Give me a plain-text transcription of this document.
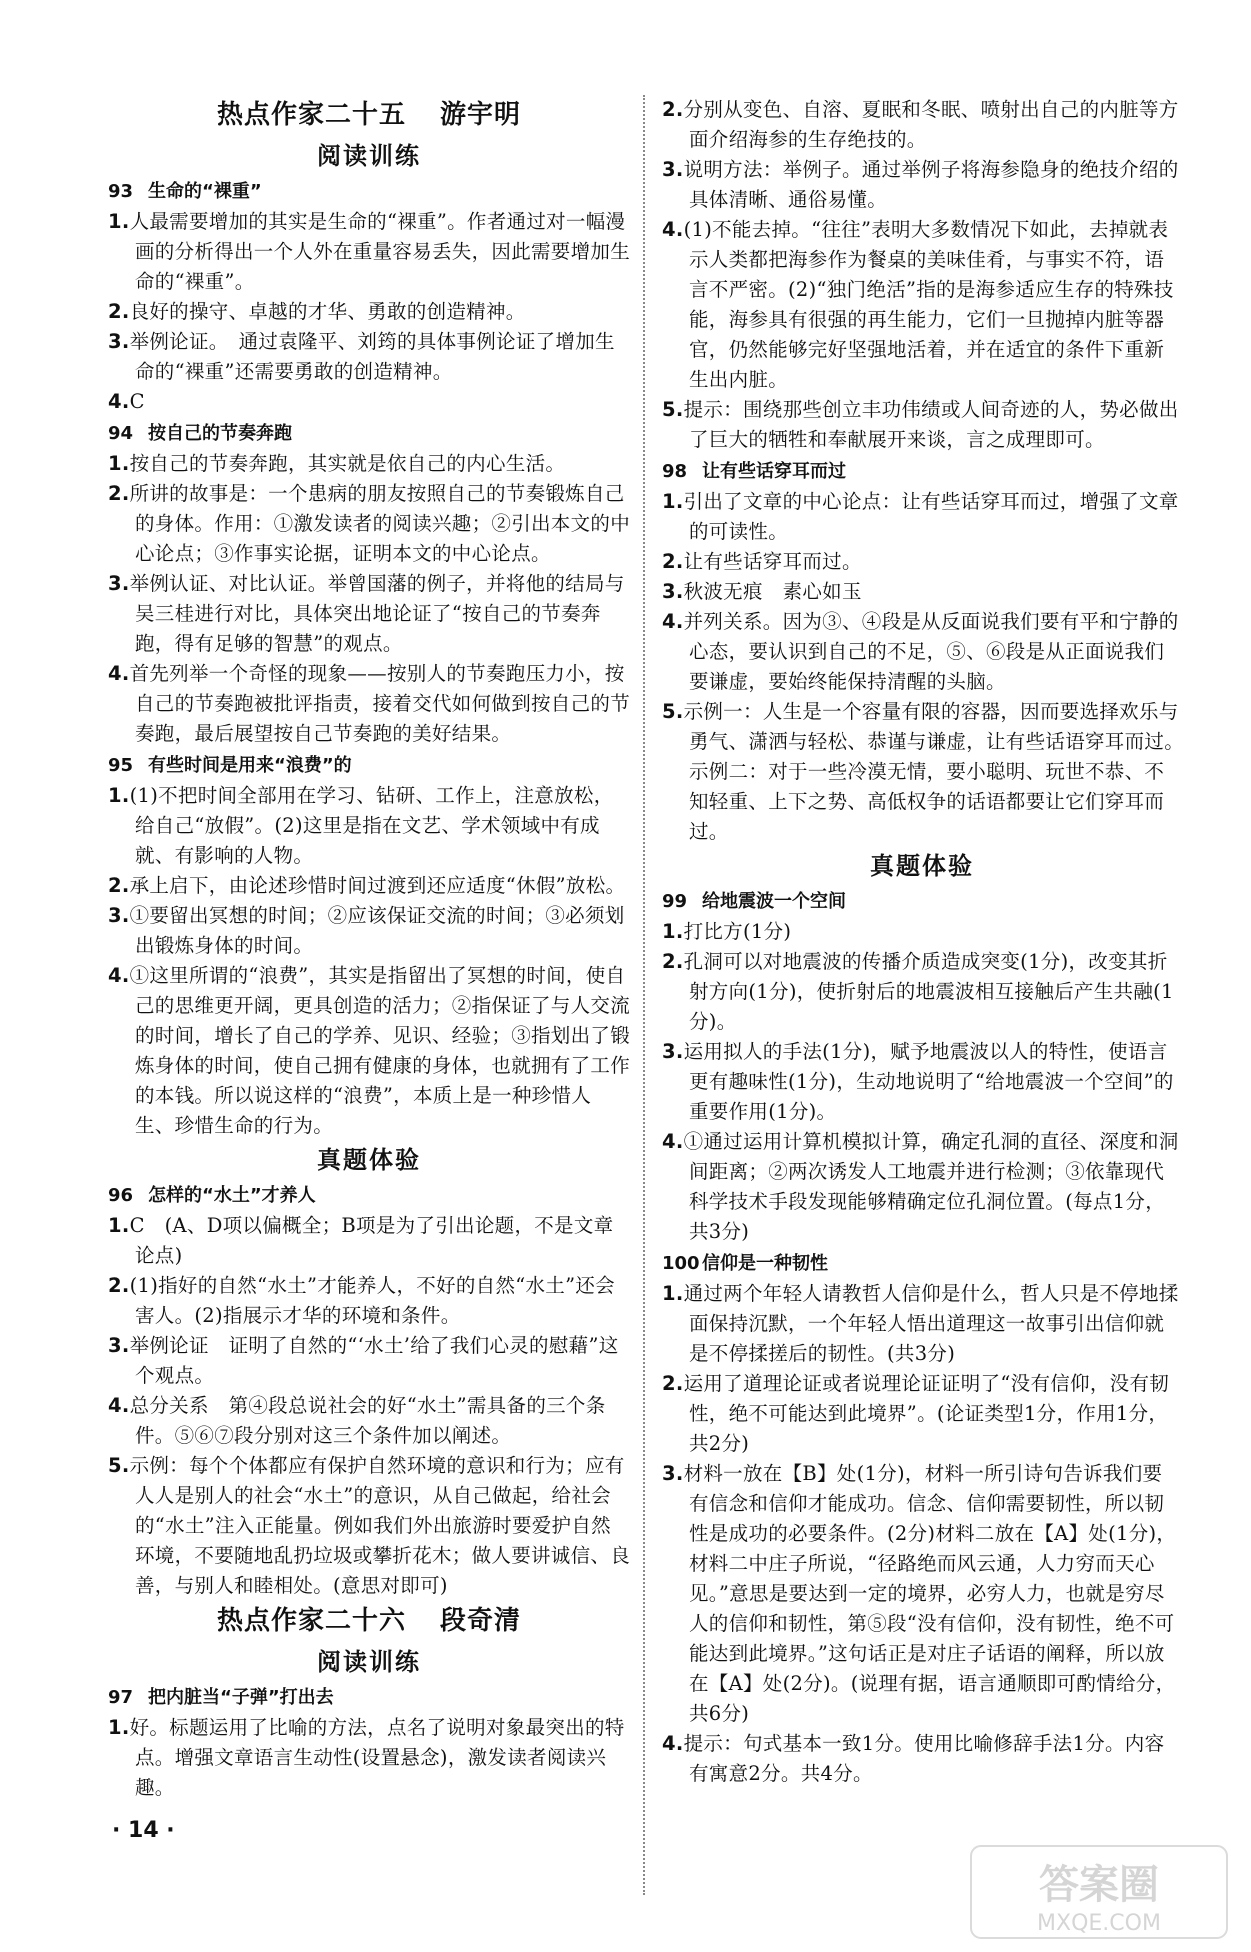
热点作家二十五 游宇明
阅读训练
93 生命的“裸重”

1.人最需要增加的其实是生命的“裸重”。作者通过对一幅漫画的分析得出一个人外在重量容易丢失，因此需要增加生命的“裸重”。

2.良好的操守、卓越的才华、勇敢的创造精神。

3.举例论证。　通过袁隆平、刘筠的具体事例论证了增加生命的“裸重”还需要勇敢的创造精神。

4.C

94 按自己的节奏奔跑

1.按自己的节奏奔跑，其实就是依自己的内心生活。

2.所讲的故事是：一个患病的朋友按照自己的节奏锻炼自己的身体。作用：①激发读者的阅读兴趣；②引出本文的中心论点；③作事实论据，证明本文的中心论点。

3.举例认证、对比认证。举曾国藩的例子，并将他的结局与吴三桂进行对比，具体突出地论证了“按自己的节奏奔跑，得有足够的智慧”的观点。

4.首先列举一个奇怪的现象——按别人的节奏跑压力小，按自己的节奏跑被批评指责，接着交代如何做到按自己的节奏跑，最后展望按自己节奏跑的美好结果。

95 有些时间是用来“浪费”的

1.(1)不把时间全部用在学习、钻研、工作上，注意放松，给自己“放假”。(2)这里是指在文艺、学术领域中有成就、有影响的人物。

2.承上启下，由论述珍惜时间过渡到还应适度“休假”放松。

3.①要留出冥想的时间；②应该保证交流的时间；③必须划出锻炼身体的时间。

4.①这里所谓的“浪费”，其实是指留出了冥想的时间，使自己的思维更开阔，更具创造的活力；②指保证了与人交流的时间，增长了自己的学养、见识、经验；③指划出了锻炼身体的时间，使自己拥有健康的身体，也就拥有了工作的本钱。所以说这样的“浪费”，本质上是一种珍惜人生、珍惜生命的行为。

真题体验
96 怎样的“水土”才养人

1.C　(A、D项以偏概全；B项是为了引出论题，不是文章论点)

2.(1)指好的自然“水土”才能养人，不好的自然“水土”还会害人。(2)指展示才华的环境和条件。

3.举例论证　证明了自然的“‘水土’给了我们心灵的慰藉”这个观点。

4.总分关系　第④段总说社会的好“水土”需具备的三个条件。⑤⑥⑦段分别对这三个条件加以阐述。

5.示例：每个个体都应有保护自然环境的意识和行为；应有人人是别人的社会“水土”的意识，从自己做起，给社会的“水土”注入正能量。例如我们外出旅游时要爱护自然环境，不要随地乱扔垃圾或攀折花木；做人要讲诚信、良善，与别人和睦相处。(意思对即可)

热点作家二十六 段奇清
阅读训练
97 把内脏当“子弹”打出去

1.好。标题运用了比喻的方法，点名了说明对象最突出的特点。增强文章语言生动性(设置悬念)，激发读者阅读兴趣。

2.分别从变色、自溶、夏眠和冬眠、喷射出自己的内脏等方面介绍海参的生存绝技的。

3.说明方法：举例子。通过举例子将海参隐身的绝技介绍的具体清晰、通俗易懂。

4.(1)不能去掉。“往往”表明大多数情况下如此，去掉就表示人类都把海参作为餐桌的美味佳肴，与事实不符，语言不严密。(2)“独门绝活”指的是海参适应生存的特殊技能，海参具有很强的再生能力，它们一旦抛掉内脏等器官，仍然能够完好坚强地活着，并在适宜的条件下重新生出内脏。

5.提示：围绕那些创立丰功伟绩或人间奇迹的人，势必做出了巨大的牺牲和奉献展开来谈，言之成理即可。

98 让有些话穿耳而过

1.引出了文章的中心论点：让有些话穿耳而过，增强了文章的可读性。

2.让有些话穿耳而过。

3.秋波无痕　素心如玉

4.并列关系。因为③、④段是从反面说我们要有平和宁静的心态，要认识到自己的不足，⑤、⑥段是从正面说我们要谦虚，要始终能保持清醒的头脑。

5.示例一：人生是一个容量有限的容器，因而要选择欢乐与勇气、潇洒与轻松、恭谨与谦虚，让有些话语穿耳而过。　示例二：对于一些冷漠无情，要小聪明、玩世不恭、不知轻重、上下之势、高低权争的话语都要让它们穿耳而过。

真题体验
99 给地震波一个空间

1.打比方(1分)

2.孔洞可以对地震波的传播介质造成突变(1分)，改变其折射方向(1分)，使折射后的地震波相互接触后产生共融(1分)。

3.运用拟人的手法(1分)，赋予地震波以人的特性，使语言更有趣味性(1分)，生动地说明了“给地震波一个空间”的重要作用(1分)。

4.①通过运用计算机模拟计算，确定孔洞的直径、深度和洞间距离；②两次诱发人工地震并进行检测；③依靠现代科学技术手段发现能够精确定位孔洞位置。(每点1分，共3分)

100 信仰是一种韧性

1.通过两个年轻人请教哲人信仰是什么，哲人只是不停地揉面保持沉默，一个年轻人悟出道理这一故事引出信仰就是不停揉搓后的韧性。(共3分)

2.运用了道理论证或者说理论证证明了“没有信仰，没有韧性，绝不可能达到此境界”。(论证类型1分，作用1分，共2分)

3.材料一放在【B】处(1分)，材料一所引诗句告诉我们要有信念和信仰才能成功。信念、信仰需要韧性，所以韧性是成功的必要条件。(2分)材料二放在【A】处(1分)，材料二中庄子所说，“径路绝而风云通，人力穷而天心见。”意思是要达到一定的境界，必穷人力，也就是穷尽人的信仰和韧性，第⑤段“没有信仰，没有韧性，绝不可能达到此境界。”这句话正是对庄子话语的阐释，所以放在【A】处(2分)。(说理有据，语言通顺即可酌情给分，共6分)

4.提示：句式基本一致1分。使用比喻修辞手法1分。内容有寓意2分。共4分。

· 14 ·
答案圈
MXQE.COM
